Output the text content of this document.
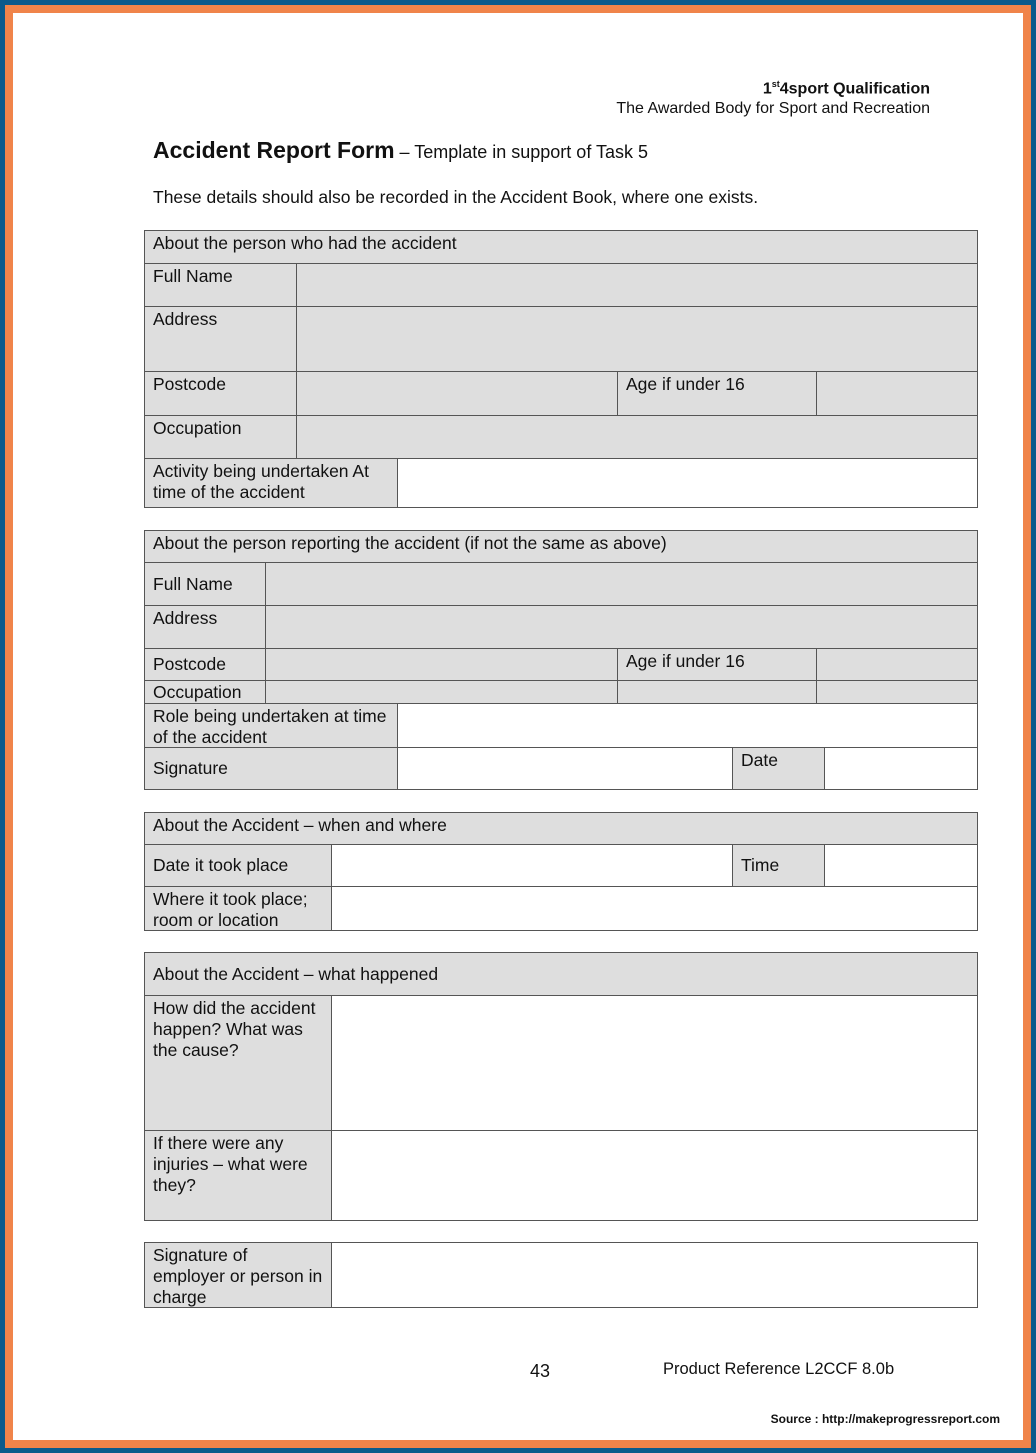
1st4sport Qualification
The Awarded Body for Sport and Recreation
Accident Report Form – Template in support of Task 5
These details should also be recorded in the Accident Book, where one exists.
About the person who had the accident
Full Name
Address
Postcode	Age if under 16
Occupation
Activity being undertaken At time of the accident
About the person reporting the accident (if not the same as above)
Full Name
Address
Postcode	Age if under 16
Occupation
Role being undertaken at time of the accident
Signature	Date
About the Accident – when and where
Date it took place	Time
Where it took place; room or location
About the Accident – what happened
How did the accident happen? What was the cause?
If there were any injuries – what were they?
Signature of employer or person in charge
43	Product Reference L2CCF 8.0b
Source : http://makeprogressreport.com
